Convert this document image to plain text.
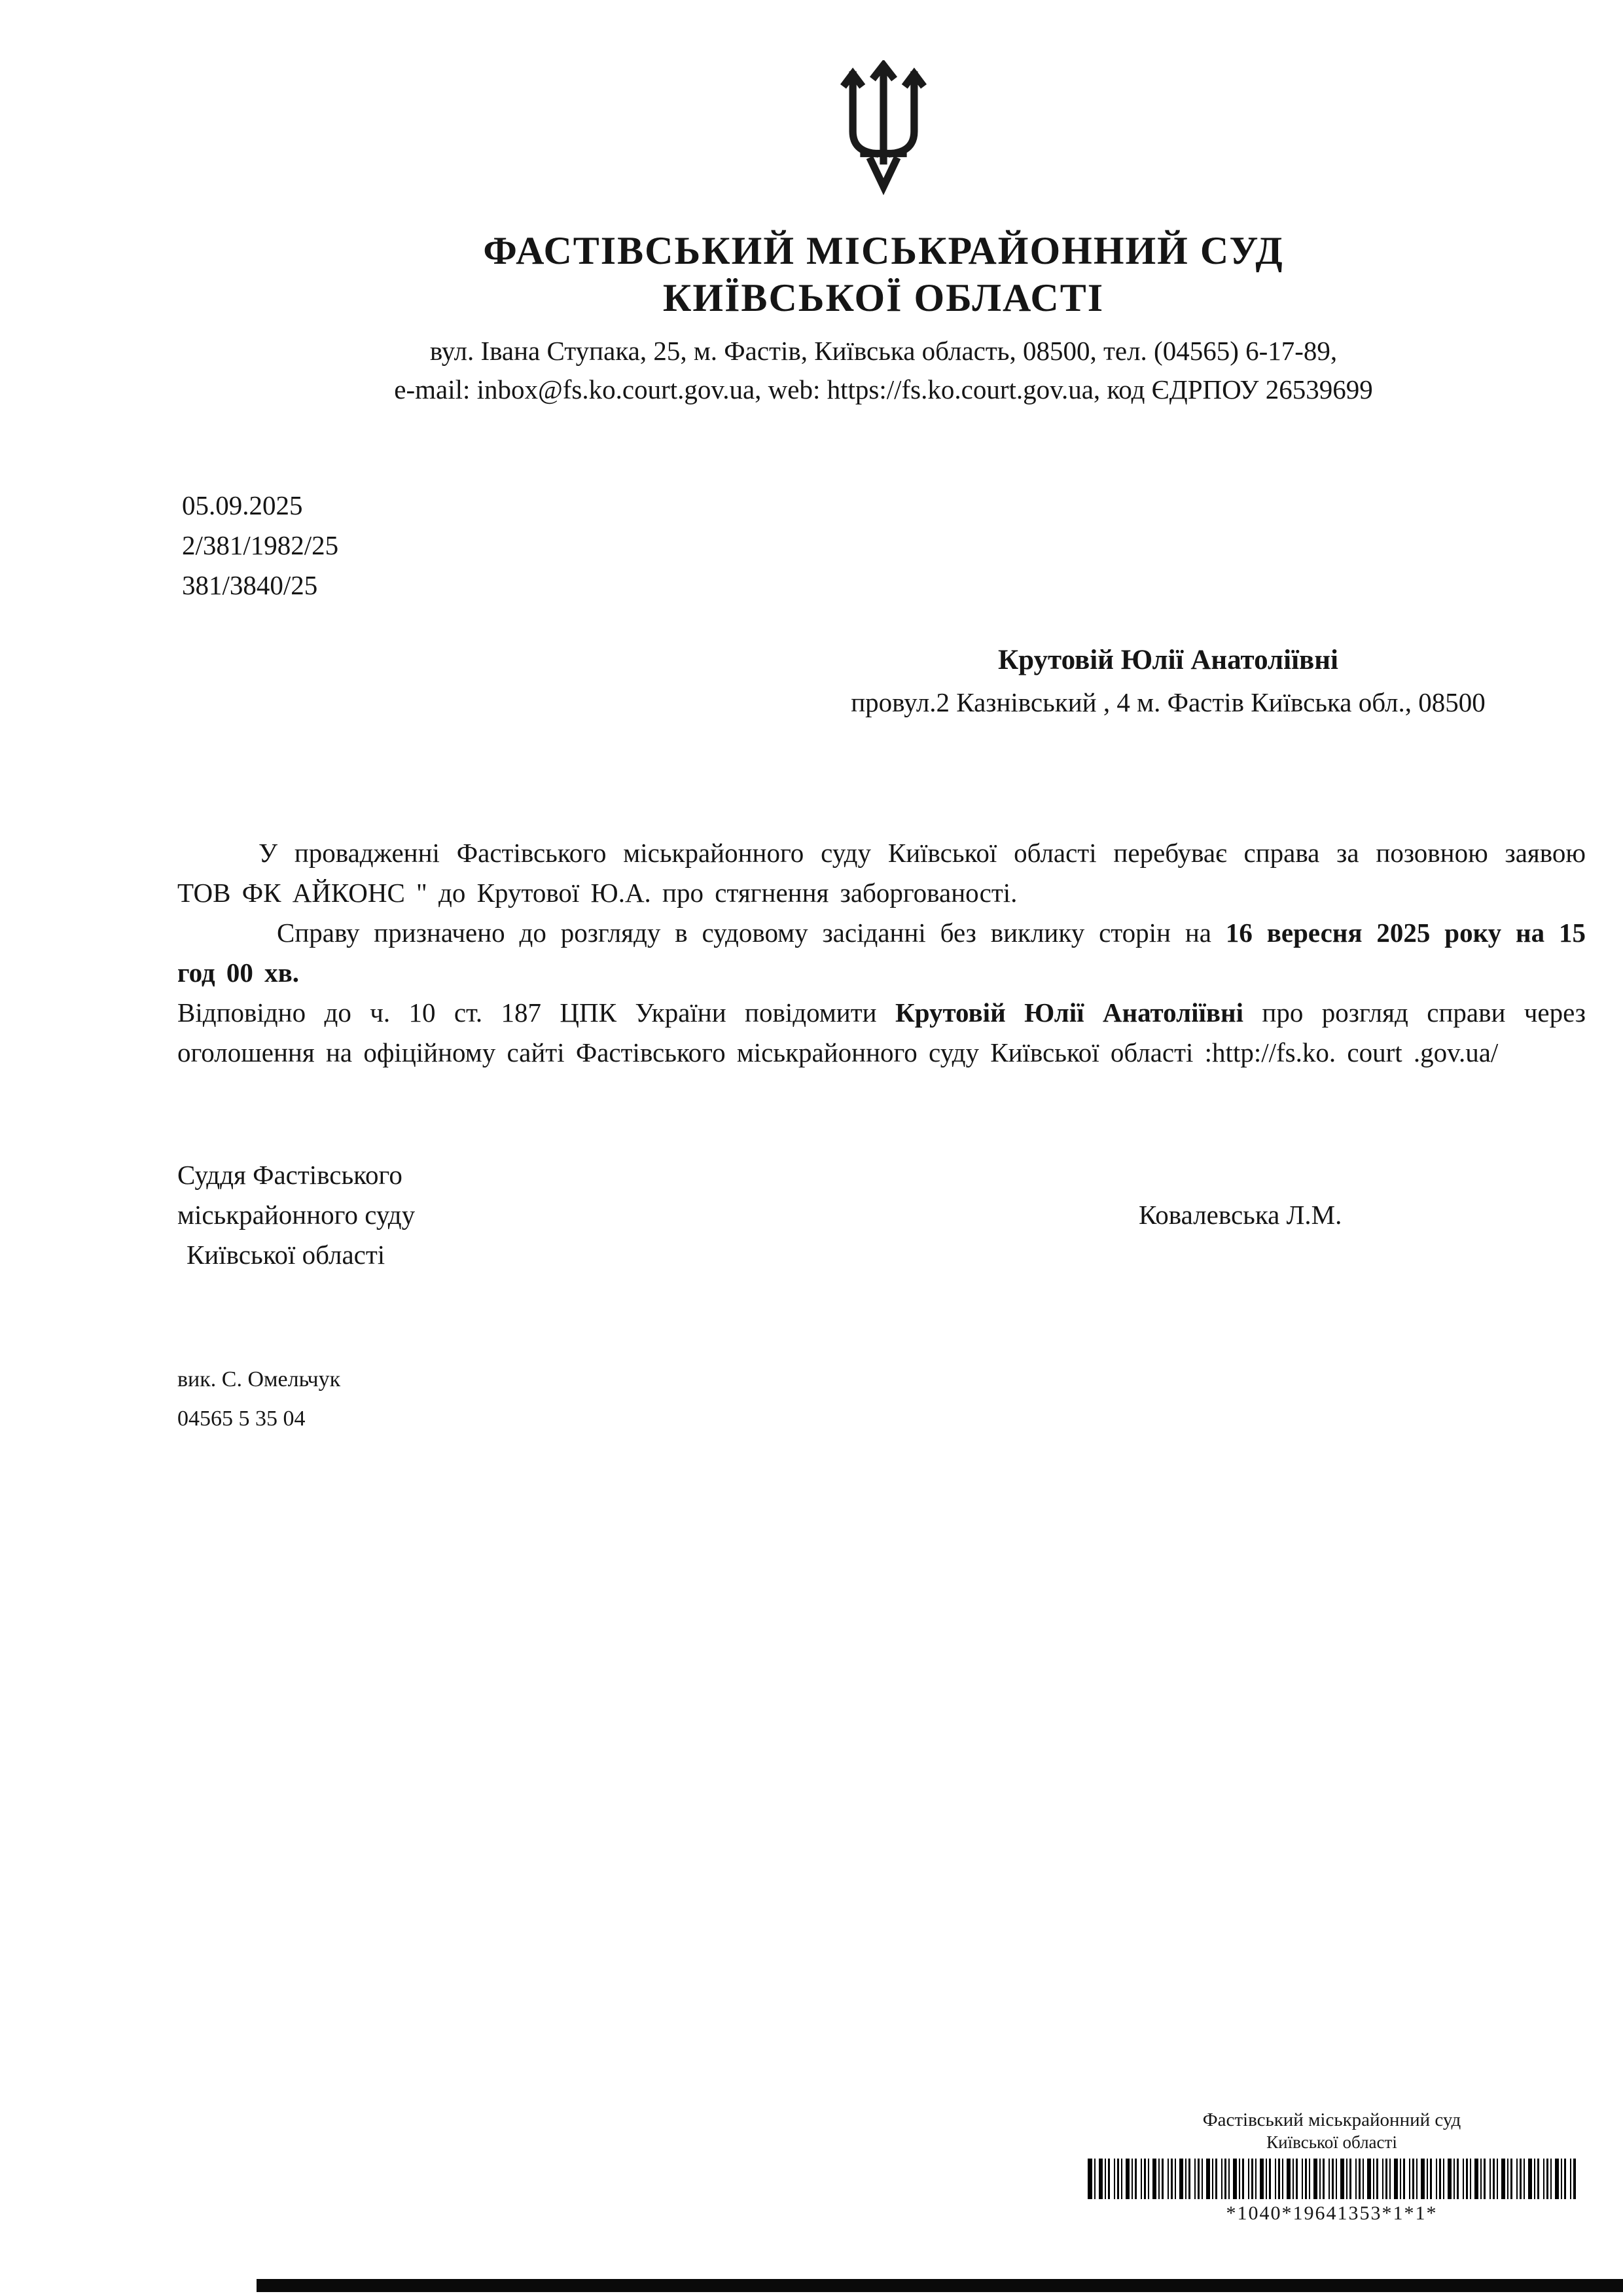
ФАСТІВСЬКИЙ МІСЬКРАЙОННИЙ СУД
КИЇВСЬКОЇ ОБЛАСТІ
вул. Івана Ступака, 25, м. Фастів, Київська область, 08500, тел. (04565) 6-17-89,
e-mail: inbox@fs.ko.court.gov.ua, web: https://fs.ko.court.gov.ua, код ЄДРПОУ 26539699
05.09.2025
2/381/1982/25
381/3840/25
Крутовій Юлії Анатоліївні
провул.2 Казнівський , 4 м. Фастів Київська обл., 08500

У провадженні Фастівського міськрайонного суду Київської області перебуває справа за позовною заявою ТОВ ФК АЙКОНС " до Крутової Ю.А. про стягнення заборгованості.

Справу призначено до розгляду в судовому засіданні без виклику сторін на 16 вересня 2025 року на 15 год 00 хв.

Відповідно до ч. 10 ст. 187 ЦПК України повідомити Крутовій Юлії Анатоліївні про розгляд справи через оголошення на офіційному сайті Фастівського міськрайонного суду Київської області :http://fs.ko. court .gov.ua/

Суддя Фастівського
міськрайонного суду
Київської області
Ковалевська Л.М.
вик. С. Омельчук
04565 5 35 04
Фастівський міськрайонний суд
Київської області
*1040*19641353*1*1*
